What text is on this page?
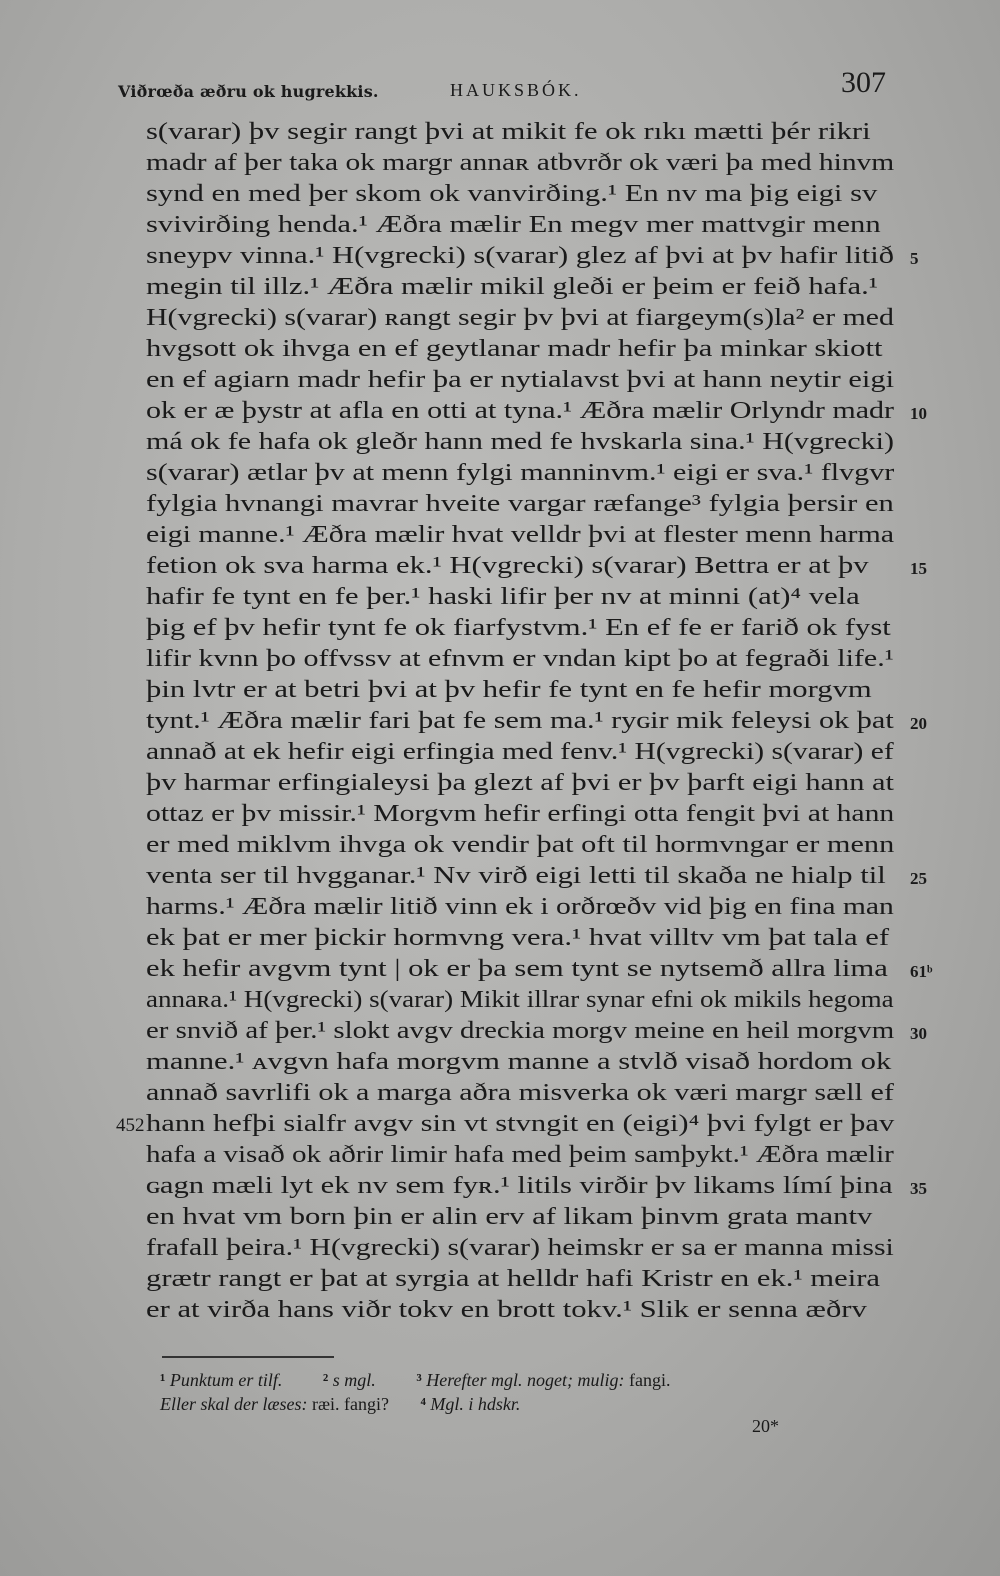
Viðrœða æðru ok hugrekkis.	HAUKSBÓK.	307
s(varar) þv segir rangt þvi at mikit fe ok rıkı mætti þér rikri
madr af þer taka ok margr annaʀ atbvrðr ok væri þa med hinvm
synd en med þer skom ok vanvirðing.¹ En nv ma þig eigi sv
svivirðing henda.¹ Æðra mælir En megv mer mattvgir menn
sneypv vinna.¹ H(vgrecki) s(varar) glez af þvi at þv hafir litið 5
megin til illz.¹ Æðra mælir mikil gleði er þeim er feið hafa.¹
H(vgrecki) s(varar) ʀangt segir þv þvi at fiargeym(s)la² er med
hvgsott ok ihvga en ef geytlanar madr hefir þa minkar skiott
en ef agiarn madr hefir þa er nytialavst þvi at hann neytir eigi
ok er æ þystr at afla en otti at tyna.¹ Æðra mælir Orlyndr madr 10
má ok fe hafa ok gleðr hann med fe hvskarla sina.¹ H(vgrecki)
s(varar) ætlar þv at menn fylgi manninvm.¹ eigi er sva.¹ flvgvr
fylgia hvnangi mavrar hveite vargar ræfange³ fylgia þersir en
eigi manne.¹ Æðra mælir hvat velldr þvi at flester menn harma
fetion ok sva harma ek.¹ H(vgrecki) s(varar) Bettra er at þv 15
hafir fe tynt en fe þer.¹ haski lifir þer nv at minni (at)⁴ vela
þig ef þv hefir tynt fe ok fiarfystvm.¹ En ef fe er farið ok fyst
lifir kvnn þo offvssv at efnvm er vndan kipt þo at fegraði life.¹
þin lvtr er at betri þvi at þv hefir fe tynt en fe hefir morgvm
tynt.¹ Æðra mælir fari þat fe sem ma.¹ ryɢir mik feleysi ok þat 20
annað at ek hefir eigi erfingia med fenv.¹ H(vgrecki) s(varar) ef
þv harmar erfingialeysi þa glezt af þvi er þv þarft eigi hann at
ottaz er þv missir.¹ Morgvm hefir erfingi otta fengit þvi at hann
er med miklvm ihvga ok vendir þat oft til hormvngar er menn
venta ser til hvgganar.¹ Nv virð eigi letti til skaða ne hialp til 25
harms.¹ Æðra mælir litið vinn ek i orðrœðv vid þig en fina man
ek þat er mer þickir hormvng vera.¹ hvat villtv vm þat tala ef
ek hefir avgvm tynt | ok er þa sem tynt se nytsemð allra lima 61ᵇ
annaʀa.¹ H(vgrecki) s(varar) Mikit illrar synar efni ok mikils hegoma
er snvið af þer.¹ slokt avgv dreckia morgv meine en heil morgvm 30
manne.¹ ᴀvgvn hafa morgvm manne a stvlð visað hordom ok
annað savrlifi ok a marga aðra misverka ok væri margr sæll ef
hann hefþi sialfr avgv sin vt stvngit en (eigi)⁴ þvi fylgt er þav
452
hafa a visað ok aðrir limir hafa med þeim samþykt.¹ Æðra mælir
ɢagn mæli lyt ek nv sem fyʀ.¹ litils virðir þv likams límí þina 35
en hvat vm born þin er alin erv af likam þinvm grata mantv
frafall þeira.¹ H(vgrecki) s(varar) heimskr er sa er manna missi
grætr rangt er þat at syrgia at helldr hafi Kristr en ek.¹ meira
er at virða hans viðr tokv en brott tokv.¹ Slik er senna æðrv
¹ Punktum er tilf. ² s mgl. ³ Herefter mgl. noget; mulig: fangi.
Eller skal der læses: ræi. fangi? ⁴ Mgl. i hdskr.
20*
